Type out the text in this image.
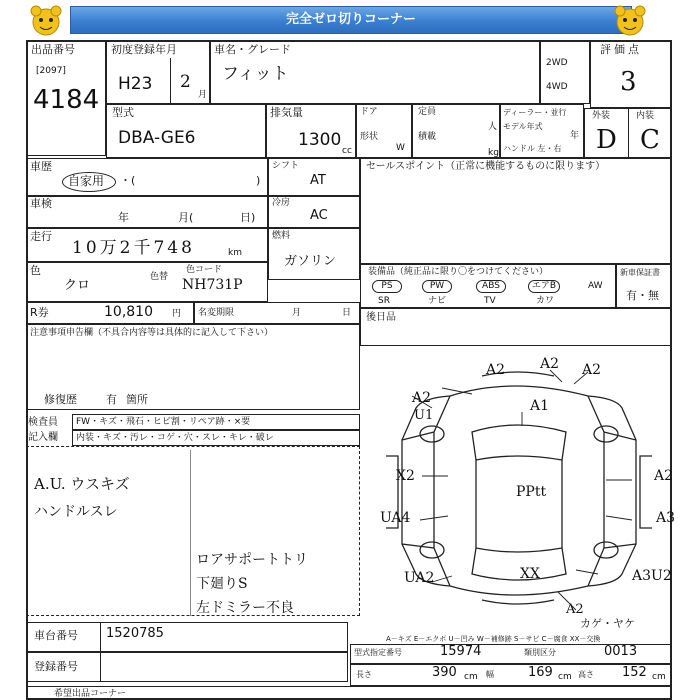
完全ゼロ切りコーナー
出品番号
[2097]
4184
初度登録年月
H23 2
月
車名・グレード
フィット
2WD
4WD
評価点
3
型式
DBA-GE6
排気量
1300
cc
ドア
形状
W
定員
人
積載
kg
ディーラー・並行
モデル年式
年
ハンドル 左・右
外装	内装
D C
車歴
自家用 ・(	)
シフト
AT
車検
年	月(	日)
冷房
AC
走行
10万2千748	km
燃料
ガソリン
色
クロ
色替
色コード
NH731P
R券	10,810 円 名変期限	月	日
注意事項申告欄（不具合内容等は具体的に記入して下さい）
修復歴	有 箇所
検査員
記入欄
FW・キズ・飛石・ヒビ割・リペア跡・×要
内装・キズ・汚レ・コゲ・穴・スレ・キレ・破レ
A.U. ウスキズ
ハンドルスレ
ロアサポートトリ
下廻りS
左ドミラー不良
セールスポイント（正常に機能するものに限ります）
装備品（純正品に限り〇をつけてください）
PS	PW	ABS	エアB	AW
SR	ナビ	TV	カワ
新車保証書
有・無
後日品
A2 A2 A2
A2
U1
A1
X2
PPtt
A2
UA4	A3
XX
UA2	A3U2
A2
カゲ・ヤケ
車台番号 1520785
登録番号
A－キズ E－エクボ U－凹み W－補修跡 S－サビ C－腐食 XX－交換
型式指定番号	15974	類別区分	0013
長さ	390 cm 幅	169 cm 高さ 152 cm
希望出品コーナー
